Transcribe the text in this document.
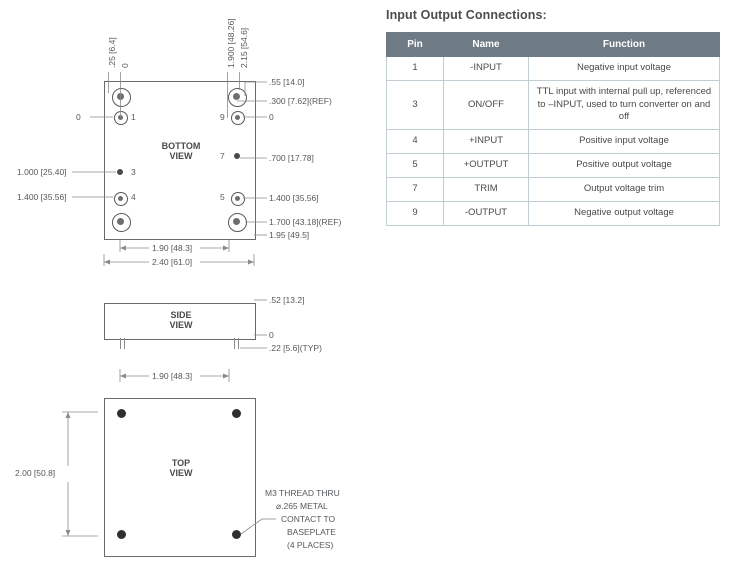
Input Output Connections:
Pin	Name	Function
1	-INPUT	Negative input voltage
3	ON/OFF	TTL input with internal pull up, referenced to –INPUT, used to turn converter on and off
4	+INPUT	Positive input voltage
5	+OUTPUT	Positive output voltage
7	TRIM	Output voltage trim
9	-OUTPUT	Negative output voltage
BOTTOM
VIEW
.25 [6.4] 0	1.900 [48.26] 2.15 [54.6]
.55 [14.0]
.300 [7.62](REF)
0
.700 [17.78]
1.400 [35.56]
1.700 [43.18](REF)
1.95 [49.5]
0
1.000 [25.40]
1.400 [35.56]
1
3
4
9
7
5
1.90 [48.3]
2.40 [61.0]
SIDE
VIEW
.52 [13.2]
0
.22 [5.6](TYP)
TOP
VIEW
1.90 [48.3]
2.00 [50.8]
M3 THREAD THRU
⌀.265 METAL
CONTACT TO
BASEPLATE
(4 PLACES)
